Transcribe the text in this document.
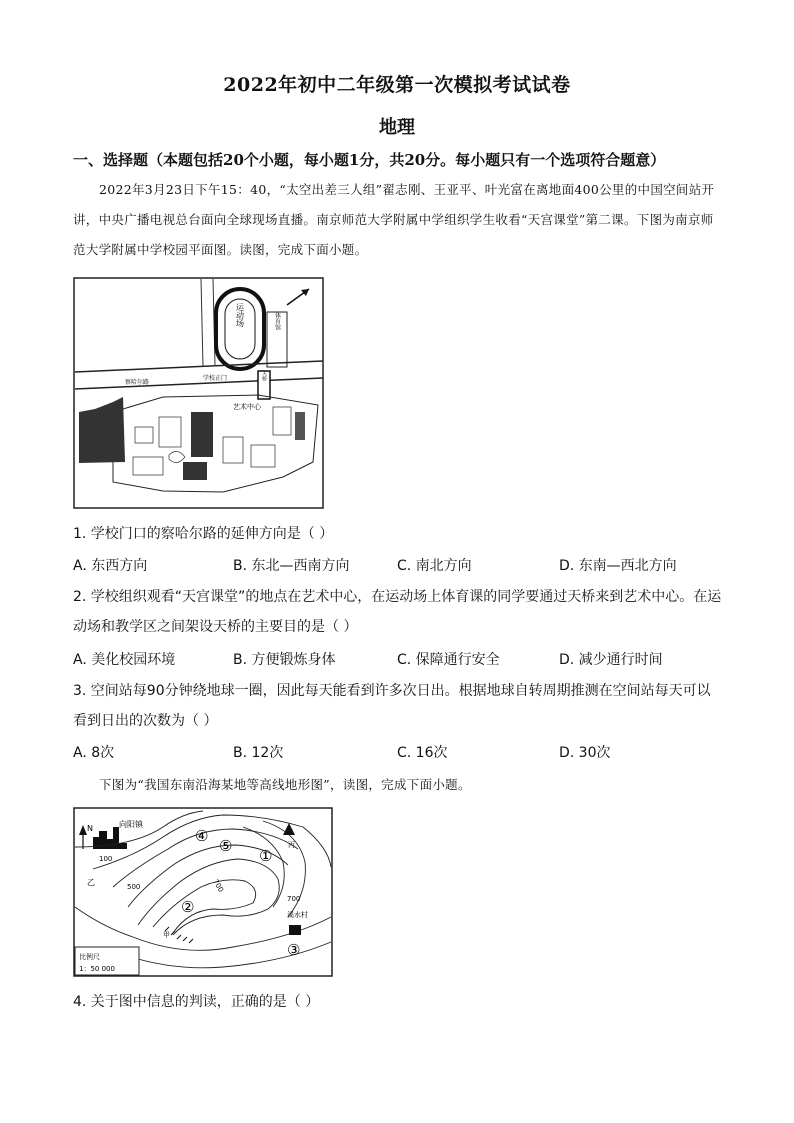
2022年初中二年级第一次模拟考试试卷
地理
一、选择题（本题包括20个小题，每小题1分，共20分。每小题只有一个选项符合题意）
2022年3月23日下午15：40，“太空出差三人组”翟志刚、王亚平、叶光富在离地面400公里的中国空间站开讲，中央广播电视总台面向全球现场直播。南京师范大学附属中学组织学生收看“天宫课堂”第二课。下图为南京师范大学附属中学校园平面图。读图，完成下面小题。
运动场	体育馆
察哈尔路
学校正门	天桥
艺术中心
1. 学校门口的察哈尔路的延伸方向是（ ）
A. 东西方向	B. 东北—西南方向	C. 南北方向	D. 东南—西北方向
2. 学校组织观看“天宫课堂”的地点在艺术中心，在运动场上体育课的同学要通过天桥来到艺术中心。在运动场和教学区之间架设天桥的主要目的是（ ）
A. 美化校园环境	B. 方便锻炼身体	C. 保障通行安全	D. 减少通行时间
3. 空间站每90分钟绕地球一圈，因此每天能看到许多次日出。根据地球自转周期推测在空间站每天可以看到日出的次数为（ ）
A. 8次	B. 12次	C. 16次	D. 30次
下图为“我国东南沿海某地等高线地形图”，读图，完成下面小题。
N	向阳镇
100
500	700
700
丙
溪水村
乙
甲
④
⑤
①
②
③
比例尺
1：50 000
4. 关于图中信息的判读，正确的是（ ）
